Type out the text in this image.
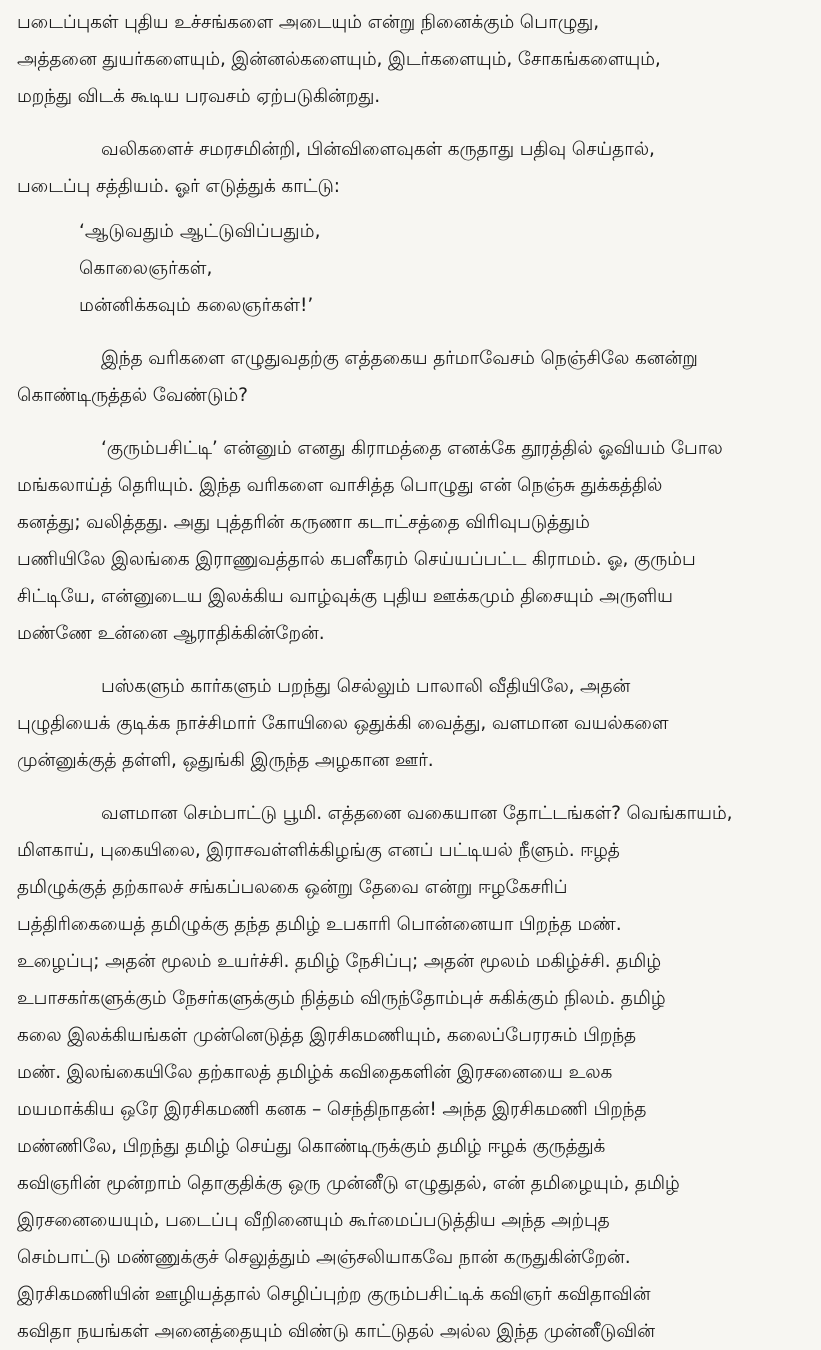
படைப்புகள் புதிய உச்சங்களை அடையும் என்று நினைக்கும் பொழுது,
அத்தனை துயர்களையும், இன்னல்களையும், இடர்களையும், சோகங்களையும்,
மறந்து விடக் கூடிய பரவசம் ஏற்படுகின்றது.

வலிகளைச் சமரசமின்றி, பின்விளைவுகள் கருதாது பதிவு செய்தால்,
படைப்பு சத்தியம். ஓர் எடுத்துக் காட்டு:

‘ஆடுவதும் ஆட்டுவிப்பதும்,
கொலைஞர்கள்,
மன்னிக்கவும் கலைஞர்கள்!’

இந்த வரிகளை எழுதுவதற்கு எத்தகைய தர்மாவேசம் நெஞ்சிலே கனன்று
கொண்டிருத்தல் வேண்டும்?

‘குரும்பசிட்டி’ என்னும் எனது கிராமத்தை எனக்கே தூரத்தில் ஓவியம் போல
மங்கலாய்த் தெரியும். இந்த வரிகளை வாசித்த பொழுது என் நெஞ்சு துக்கத்தில்
கனத்து; வலித்தது. அது புத்தரின் கருணா கடாட்சத்தை விரிவுபடுத்தும்
பணியிலே இலங்கை இராணுவத்தால் கபளீகரம் செய்யப்பட்ட கிராமம். ஓ, குரும்ப
சிட்டியே, என்னுடைய இலக்கிய வாழ்வுக்கு புதிய ஊக்கமும் திசையும் அருளிய
மண்ணே உன்னை ஆராதிக்கின்றேன்.

பஸ்களும் கார்களும் பறந்து செல்லும் பாலாலி வீதியிலே, அதன்
புழுதியைக் குடிக்க நாச்சிமார் கோயிலை ஒதுக்கி வைத்து, வளமான வயல்களை
முன்னுக்குத் தள்ளி, ஒதுங்கி இருந்த அழகான ஊர்.

வளமான செம்பாட்டு பூமி. எத்தனை வகையான தோட்டங்கள்? வெங்காயம்,
மிளகாய், புகையிலை, இராசவள்ளிக்கிழங்கு எனப் பட்டியல் நீளும். ஈழத்
தமிழுக்குத் தற்காலச் சங்கப்பலகை ஒன்று தேவை என்று ஈழகேசரிப்
பத்திரிகையைத் தமிழுக்கு தந்த தமிழ் உபகாரி பொன்னையா பிறந்த மண்.
உழைப்பு; அதன் மூலம் உயர்ச்சி. தமிழ் நேசிப்பு; அதன் மூலம் மகிழ்ச்சி. தமிழ்
உபாசகர்களுக்கும் நேசர்களுக்கும் நித்தம் விருந்தோம்புச் சுகிக்கும் நிலம். தமிழ்
கலை இலக்கியங்கள் முன்னெடுத்த இரசிகமணியும், கலைப்பேரரசும் பிறந்த
மண். இலங்கையிலே தற்காலத் தமிழ்க் கவிதைகளின் இரசனையை உலக
மயமாக்கிய ஒரே இரசிகமணி கனக – செந்திநாதன்! அந்த இரசிகமணி பிறந்த
மண்ணிலே, பிறந்து தமிழ் செய்து கொண்டிருக்கும் தமிழ் ஈழக் குருத்துக்
கவிஞரின் மூன்றாம் தொகுதிக்கு ஒரு முன்னீடு எழுதுதல், என் தமிழையும், தமிழ்
இரசனையையும், படைப்பு வீறினையும் கூர்மைப்படுத்திய அந்த அற்புத
செம்பாட்டு மண்ணுக்குச் செலுத்தும் அஞ்சலியாகவே நான் கருதுகின்றேன்.
இரசிகமணியின் ஊழியத்தால் செழிப்புற்ற குரும்பசிட்டிக் கவிஞர் கவிதாவின்
கவிதா நயங்கள் அனைத்தையும் விண்டு காட்டுதல் அல்ல இந்த முன்னீடுவின்
